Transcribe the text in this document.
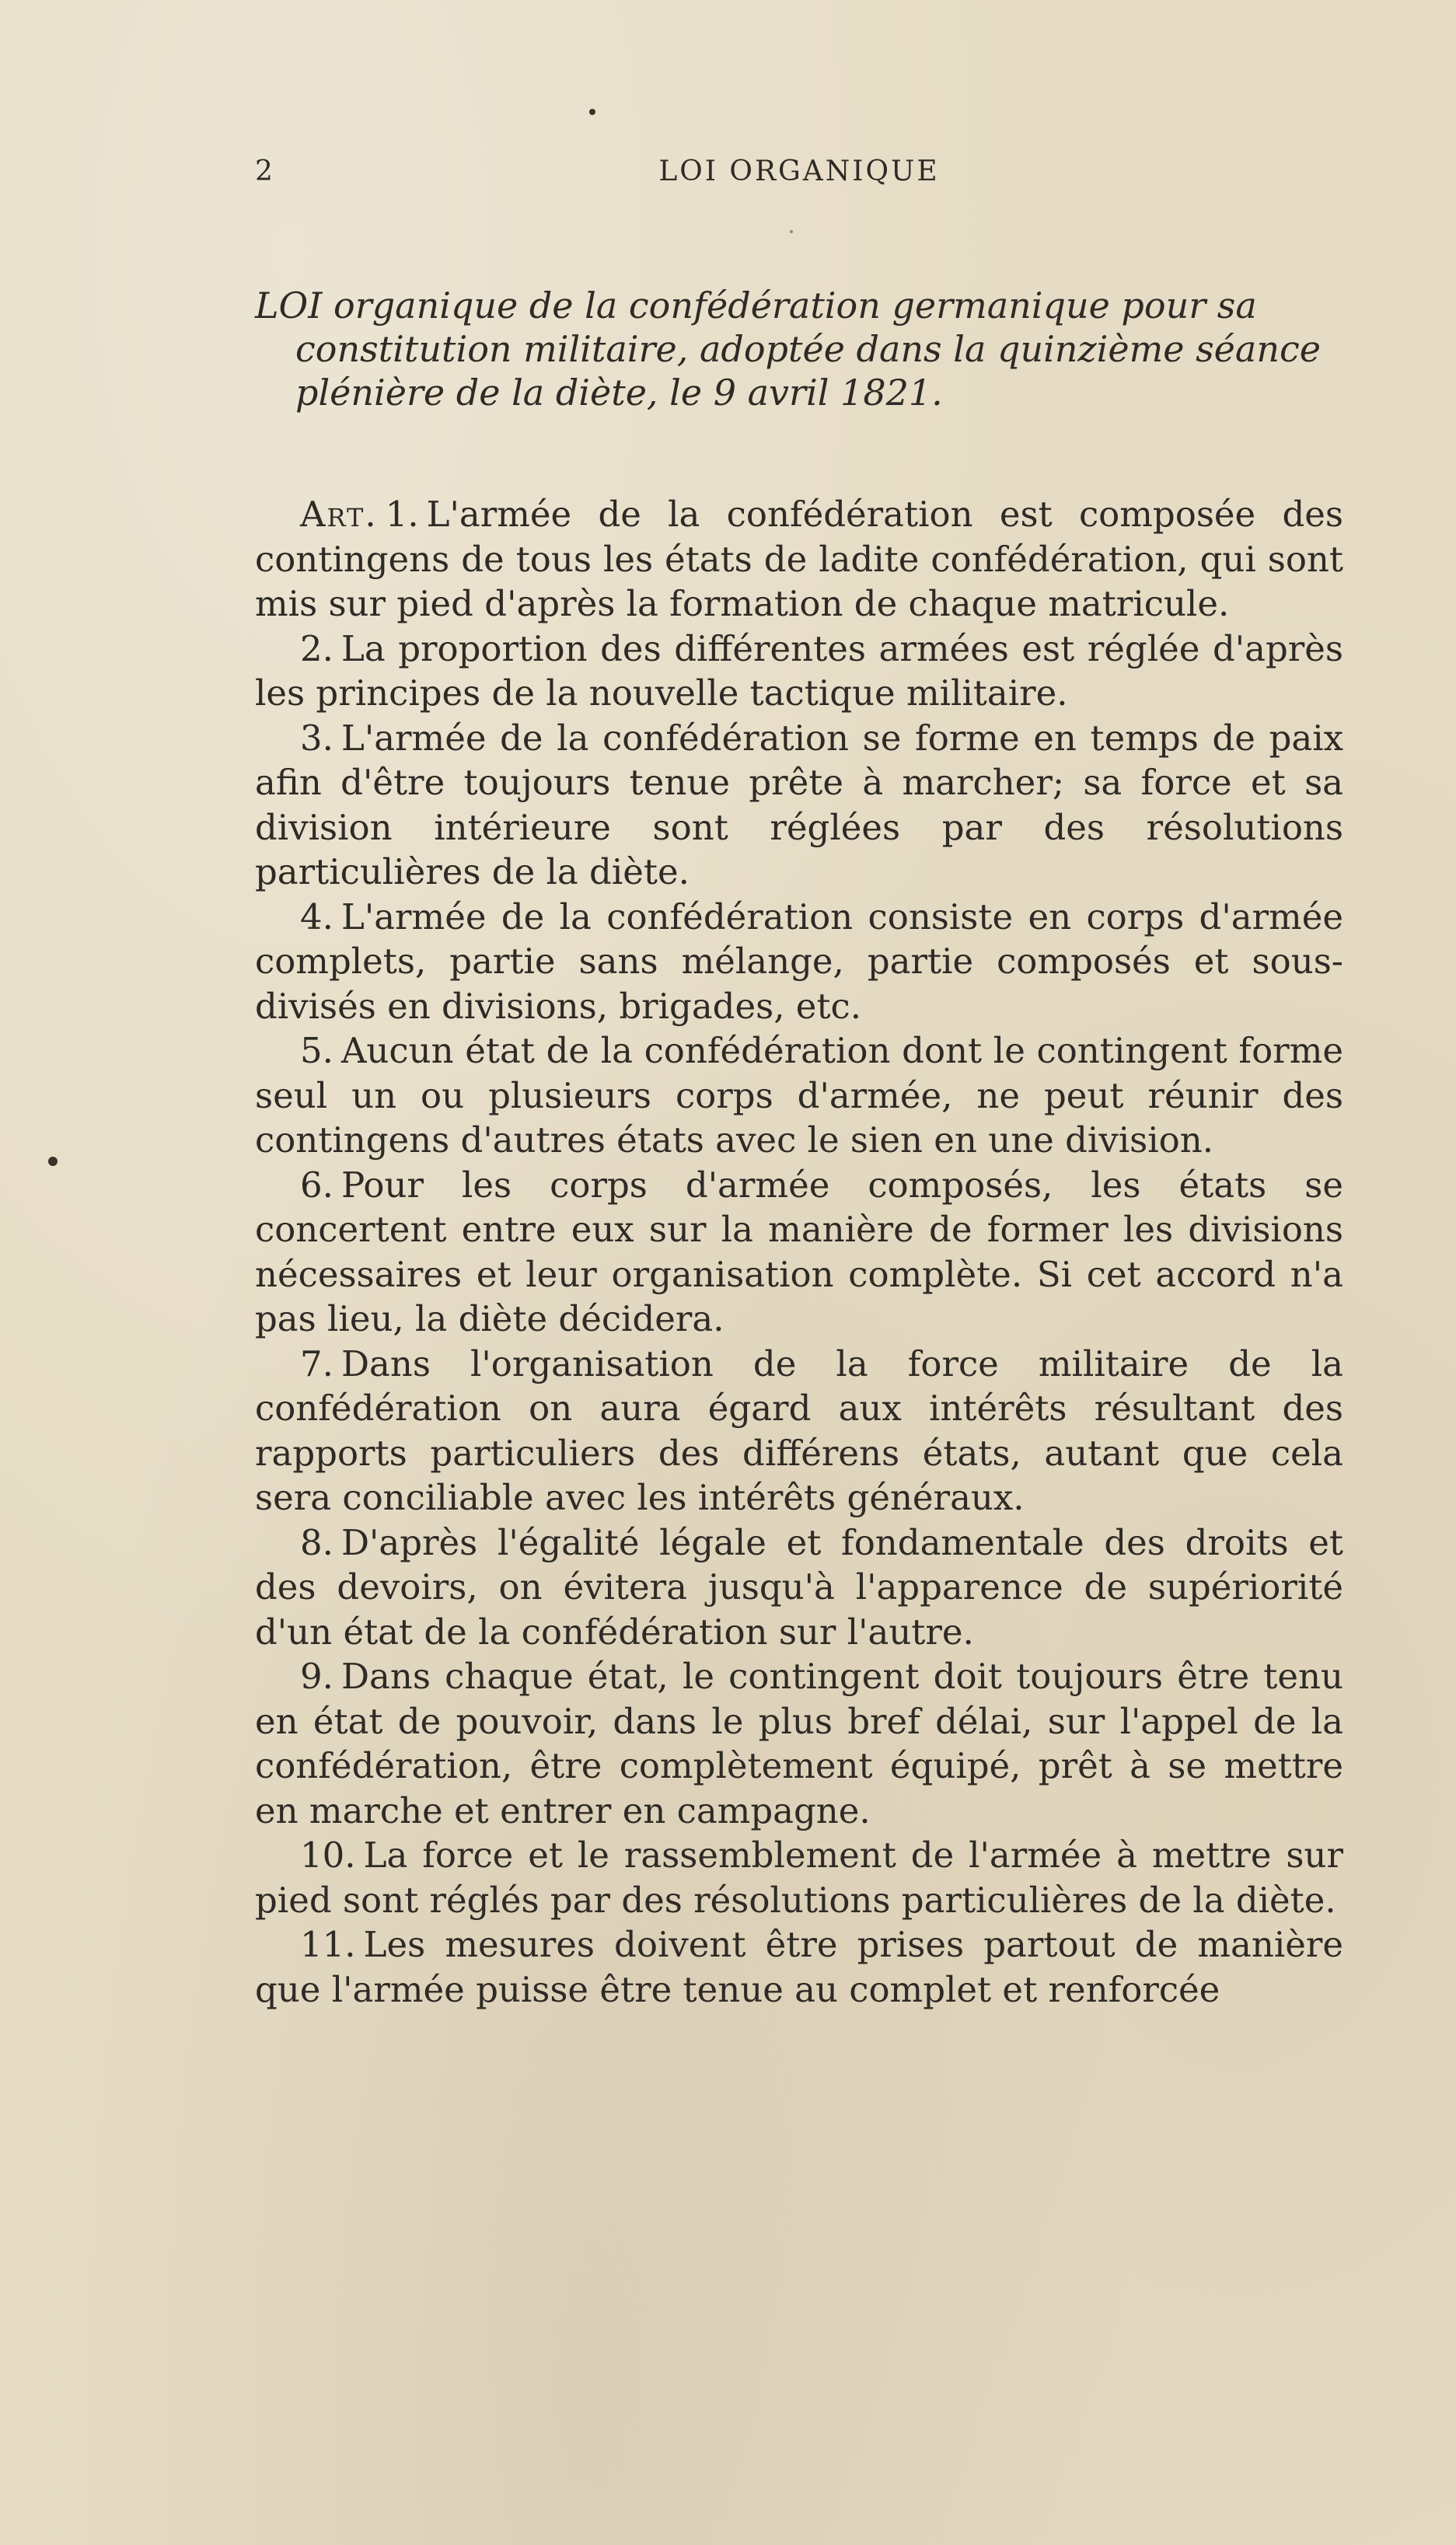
2	LOI ORGANIQUE
LOI organique de la confédération germanique pour sa
constitution militaire, adoptée dans la quinzième séance
plénière de la diète, le 9 avril 1821.

Art. 1. L'armée de la confédération est composée des contingens de tous les états de ladite confédération, qui sont mis sur pied d'après la formation de chaque matricule.

2. La proportion des différentes armées est réglée d'après les principes de la nouvelle tactique militaire.

3. L'armée de la confédération se forme en temps de paix afin d'être toujours tenue prête à marcher; sa force et sa division intérieure sont réglées par des résolutions particulières de la diète.

4. L'armée de la confédération consiste en corps d'armée complets, partie sans mélange, partie composés et sous-divisés en divisions, brigades, etc.

5. Aucun état de la confédération dont le contingent forme seul un ou plusieurs corps d'armée, ne peut réunir des contingens d'autres états avec le sien en une division.

6. Pour les corps d'armée composés, les états se concertent entre eux sur la manière de former les divisions nécessaires et leur organisation complète. Si cet accord n'a pas lieu, la diète décidera.

7. Dans l'organisation de la force militaire de la confédération on aura égard aux intérêts résultant des rapports particuliers des différens états, autant que cela sera conciliable avec les intérêts généraux.

8. D'après l'égalité légale et fondamentale des droits et des devoirs, on évitera jusqu'à l'apparence de supériorité d'un état de la confédération sur l'autre.

9. Dans chaque état, le contingent doit toujours être tenu en état de pouvoir, dans le plus bref délai, sur l'appel de la confédération, être complètement équipé, prêt à se mettre en marche et entrer en campagne.

10. La force et le rassemblement de l'armée à mettre sur pied sont réglés par des résolutions particulières de la diète.

11. Les mesures doivent être prises partout de manière que l'armée puisse être tenue au complet et renforcée
